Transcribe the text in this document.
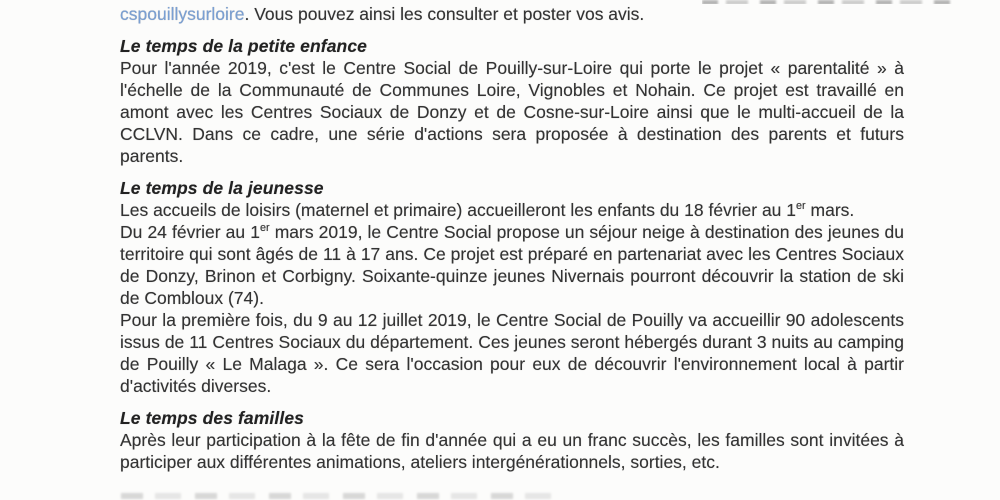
cspouillysurloire. Vous pouvez ainsi les consulter et poster vos avis.

Le temps de la petite enfance

Pour l'année 2019, c'est le Centre Social de Pouilly-sur-Loire qui porte le projet « parentalité » à l'échelle de la Communauté de Communes Loire, Vignobles et Nohain. Ce projet est travaillé en amont avec les Centres Sociaux de Donzy et de Cosne-sur-Loire ainsi que le multi-accueil de la CCLVN. Dans ce cadre, une série d'actions sera proposée à destination des parents et futurs parents.

Le temps de la jeunesse

Les accueils de loisirs (maternel et primaire) accueilleront les enfants du 18 février au 1er mars.

Du 24 février au 1er mars 2019, le Centre Social propose un séjour neige à destination des jeunes du territoire qui sont âgés de 11 à 17 ans. Ce projet est préparé en partenariat avec les Centres Sociaux de Donzy, Brinon et Corbigny. Soixante-quinze jeunes Nivernais pourront découvrir la station de ski de Combloux (74).

Pour la première fois, du 9 au 12 juillet 2019, le Centre Social de Pouilly va accueillir 90 adolescents issus de 11 Centres Sociaux du département. Ces jeunes seront hébergés durant 3 nuits au camping de Pouilly « Le Malaga ». Ce sera l'occasion pour eux de découvrir l'environnement local à partir d'activités diverses.

Le temps des familles

Après leur participation à la fête de fin d'année qui a eu un franc succès, les familles sont invitées à participer aux différentes animations, ateliers intergénérationnels, sorties, etc.
